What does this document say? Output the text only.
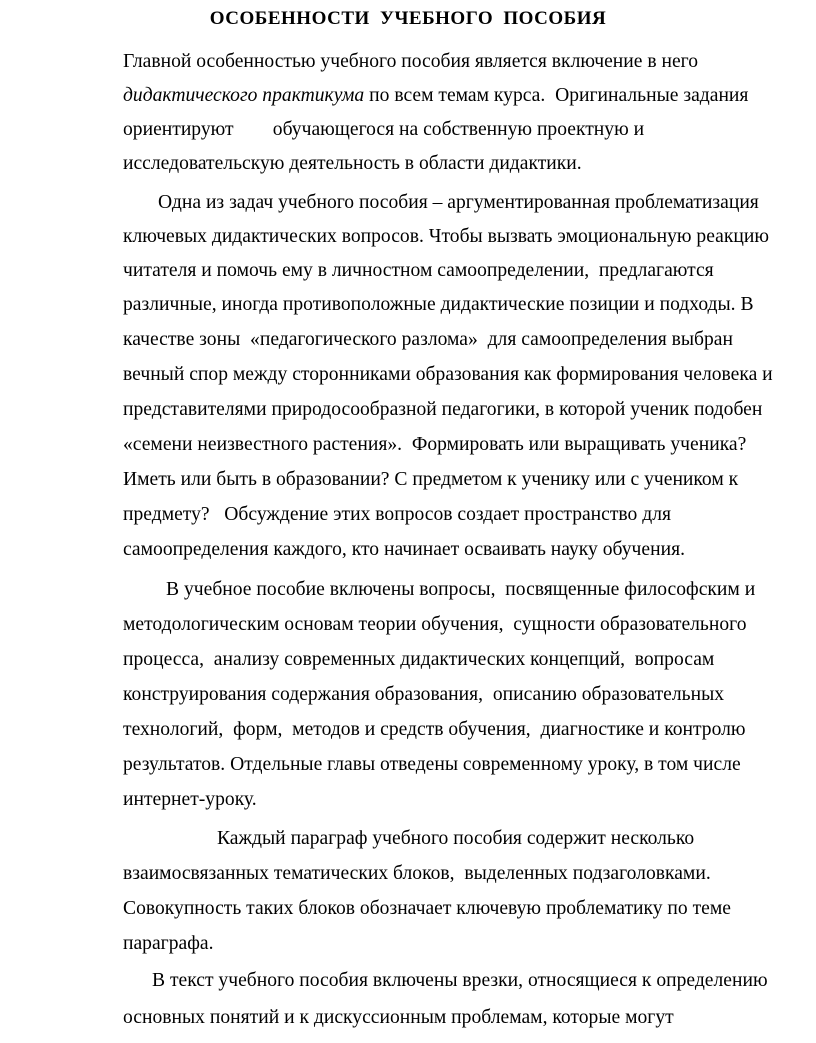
ОСОБЕННОСТИ УЧЕБНОГО ПОСОБИЯ
Главной особенностью учебного пособия является включение в него
дидактического практикума по всем темам курса.  Оригинальные задания
ориентируют        обучающегося на собственную проектную и
исследовательскую деятельность в области дидактики.
Одна из задач учебного пособия – аргументированная проблематизация
ключевых дидактических вопросов. Чтобы вызвать эмоциональную реакцию
читателя и помочь ему в личностном самоопределении,  предлагаются
различные, иногда противоположные дидактические позиции и подходы. В
качестве зоны  «педагогического разлома»  для самоопределения выбран
вечный спор между сторонниками образования как формирования человека и
представителями природосообразной педагогики, в которой ученик подобен
«семени неизвестного растения».  Формировать или выращивать ученика?
Иметь или быть в образовании? С предметом к ученику или с учеником к
предмету?   Обсуждение этих вопросов создает пространство для
самоопределения каждого, кто начинает осваивать науку обучения.
В учебное пособие включены вопросы,  посвященные философским и
методологическим основам теории обучения,  сущности образовательного
процесса,  анализу современных дидактических концепций,  вопросам
конструирования содержания образования,  описанию образовательных
технологий,  форм,  методов и средств обучения,  диагностике и контролю
результатов. Отдельные главы отведены современному уроку, в том числе
интернет-уроку.
Каждый параграф учебного пособия содержит несколько
взаимосвязанных тематических блоков,  выделенных подзаголовками.
Совокупность таких блоков обозначает ключевую проблематику по теме
параграфа.
В текст учебного пособия включены врезки, относящиеся к определению
основных понятий и к дискуссионным проблемам, которые могут
